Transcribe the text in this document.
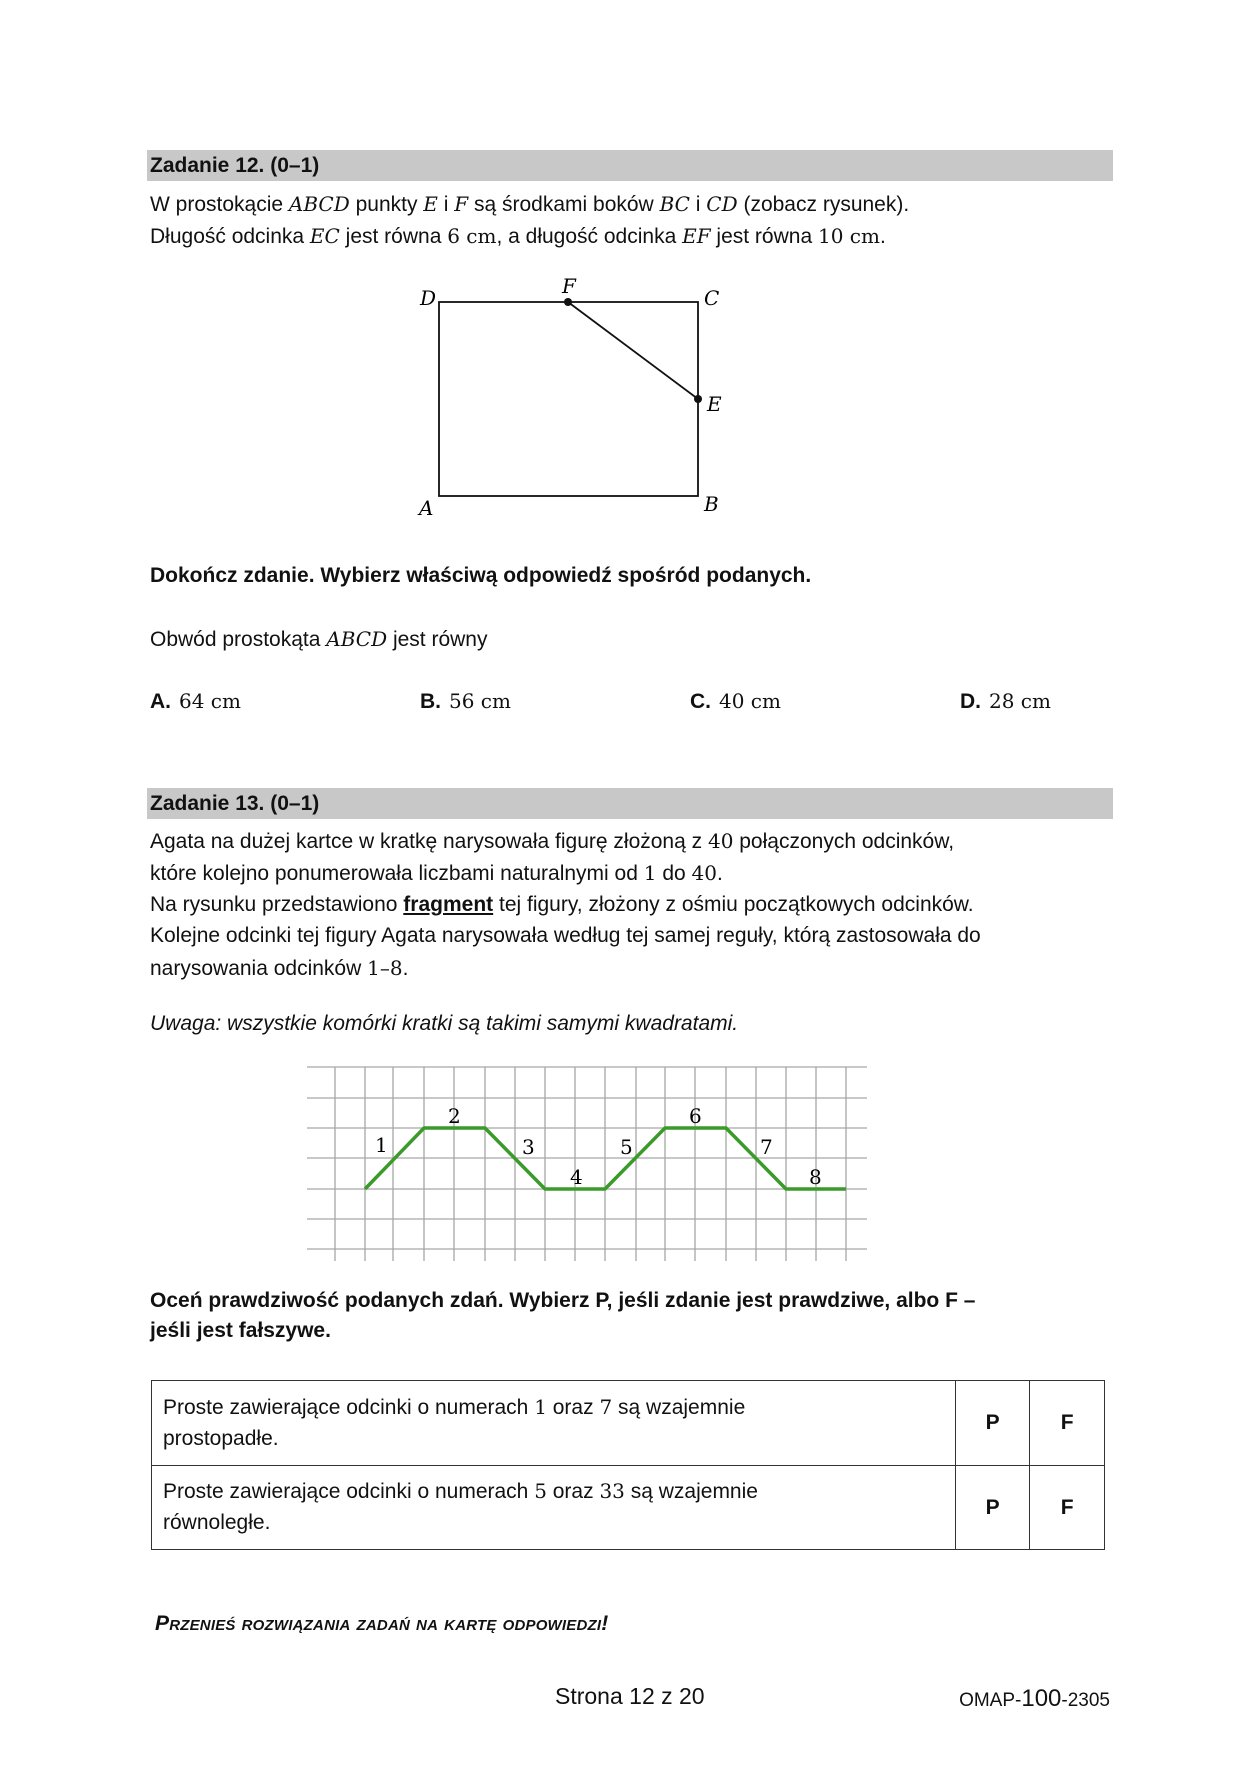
Zadanie 12. (0–1)
W prostokącie ABCD punkty E i F są środkami boków BC i CD (zobacz rysunek).
Długość odcinka EC jest równa 6 cm, a długość odcinka EF jest równa 10 cm.
D	F	C
E
A	B
Dokończ zdanie. Wybierz właściwą odpowiedź spośród podanych.
Obwód prostokąta ABCD jest równy
A. 64 cm	B. 56 cm	C. 40 cm	D. 28 cm
Zadanie 13. (0–1)
Agata na dużej kartce w kratkę narysowała figurę złożoną z 40 połączonych odcinków,
które kolejno ponumerowała liczbami naturalnymi od 1 do 40.
Na rysunku przedstawiono fragment tej figury, złożony z ośmiu początkowych odcinków.
Kolejne odcinki tej figury Agata narysowała według tej samej reguły, którą zastosowała do
narysowania odcinków 1–8.
Uwaga: wszystkie komórki kratki są takimi samymi kwadratami.
1
2
3
4
5
6
7
8
Oceń prawdziwość podanych zdań. Wybierz P, jeśli zdanie jest prawdziwe, albo F –
jeśli jest fałszywe.
Proste zawierające odcinki o numerach 1 oraz 7 są wzajemnie
prostopadłe.	P	F
Proste zawierające odcinki o numerach 5 oraz 33 są wzajemnie
równoległe.	P	F
Przenieś rozwiązania zadań na kartę odpowiedzi!
Strona 12 z 20	OMAP-100-2305
